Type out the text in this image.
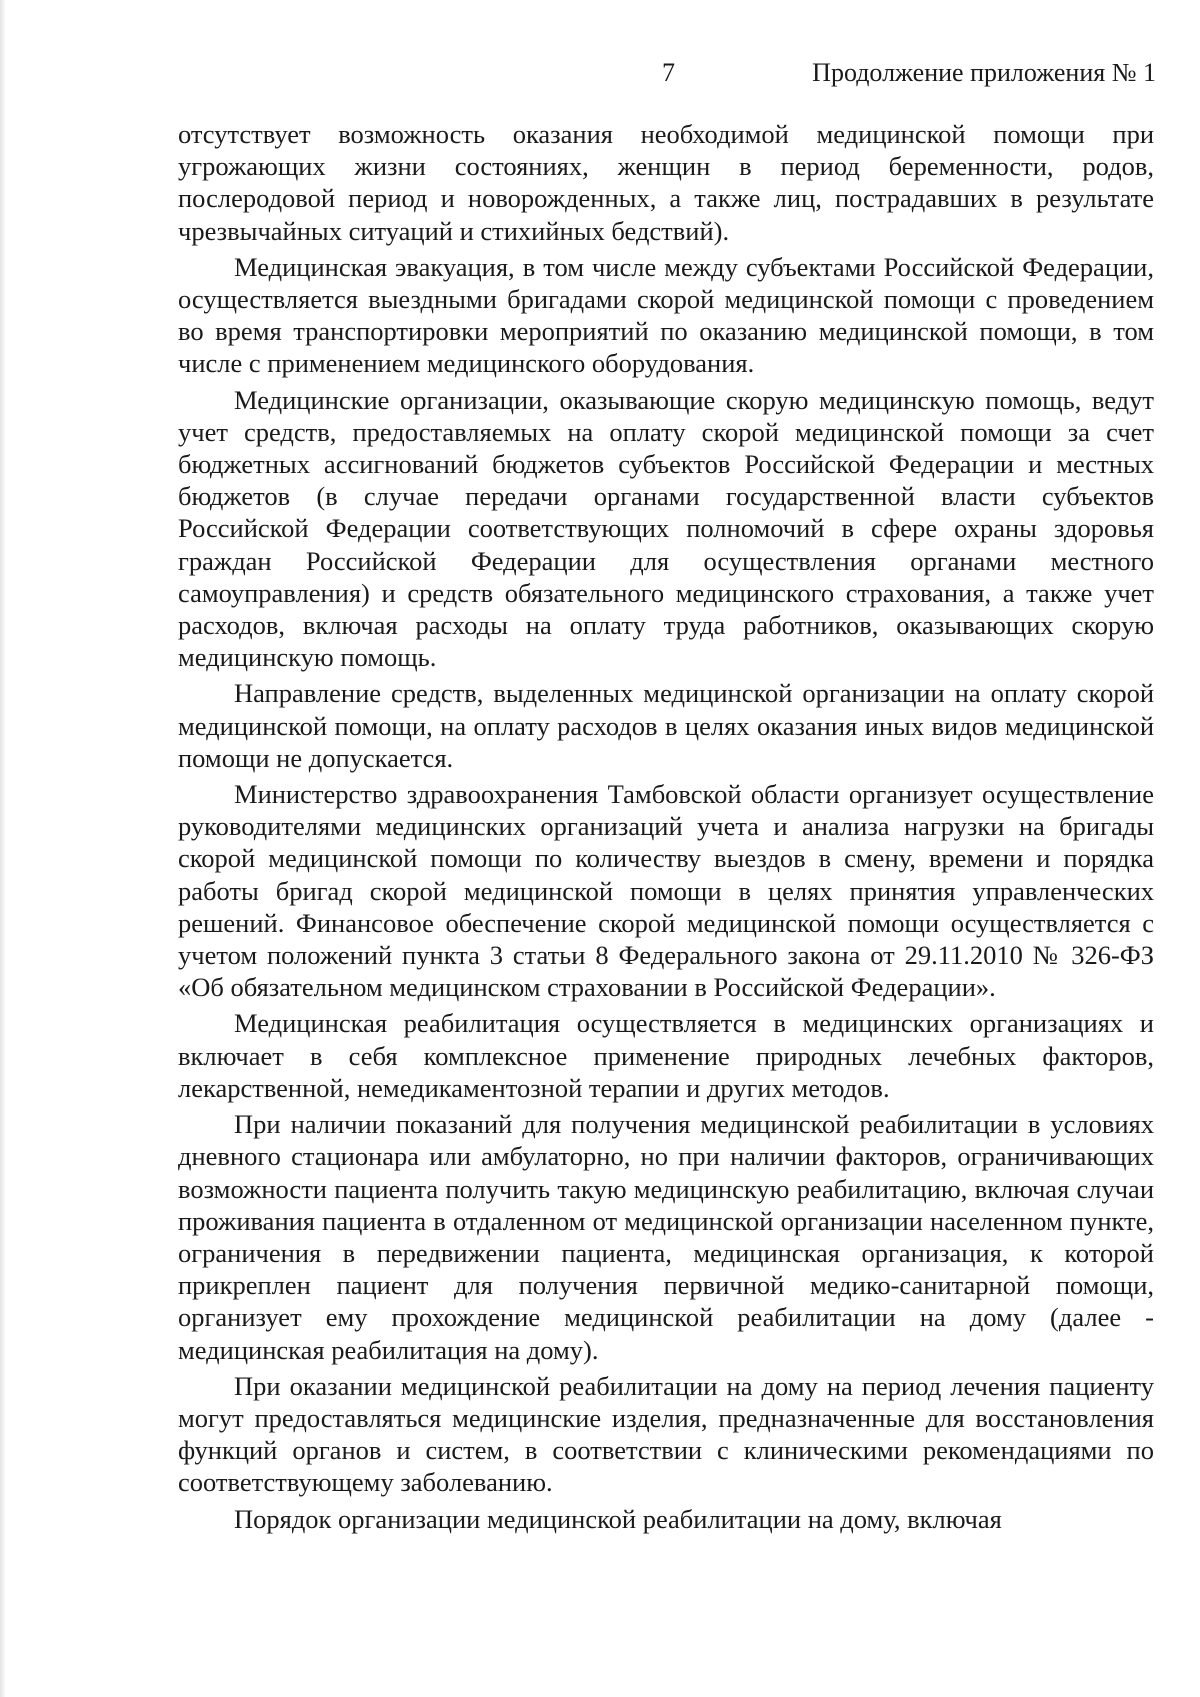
7	Продолжение приложения № 1

отсутствует возможность оказания необходимой медицинской помощи при угрожающих жизни состояниях, женщин в период беременности, родов, послеродовой период и новорожденных, а также лиц, пострадавших в результате чрезвычайных ситуаций и стихийных бедствий).

Медицинская эвакуация, в том числе между субъектами Российской Федерации, осуществляется выездными бригадами скорой медицинской помощи с проведением во время транспортировки мероприятий по оказанию медицинской помощи, в том числе с применением медицинского оборудования.

Медицинские организации, оказывающие скорую медицинскую помощь, ведут учет средств, предоставляемых на оплату скорой медицинской помощи за счет бюджетных ассигнований бюджетов субъектов Российской Федерации и местных бюджетов (в случае передачи органами государственной власти субъектов Российской Федерации соответствующих полномочий в сфере охраны здоровья граждан Российской Федерации для осуществления органами местного самоуправления) и средств обязательного медицинского страхования, а также учет расходов, включая расходы на оплату труда работников, оказывающих скорую медицинскую помощь.

Направление средств, выделенных медицинской организации на оплату скорой медицинской помощи, на оплату расходов в целях оказания иных видов медицинской помощи не допускается.

Министерство здравоохранения Тамбовской области организует осуществление руководителями медицинских организаций учета и анализа нагрузки на бригады скорой медицинской помощи по количеству выездов в смену, времени и порядка работы бригад скорой медицинской помощи в целях принятия управленческих решений. Финансовое обеспечение скорой медицинской помощи осуществляется с учетом положений пункта 3 статьи 8 Федерального закона от 29.11.2010 № 326-ФЗ «Об обязательном медицинском страховании в Российской Федерации».

Медицинская реабилитация осуществляется в медицинских организациях и включает в себя комплексное применение природных лечебных факторов, лекарственной, немедикаментозной терапии и других методов.

При наличии показаний для получения медицинской реабилитации в условиях дневного стационара или амбулаторно, но при наличии факторов, ограничивающих возможности пациента получить такую медицинскую реабилитацию, включая случаи проживания пациента в отдаленном от медицинской организации населенном пункте, ограничения в передвижении пациента, медицинская организация, к которой прикреплен пациент для получения первичной медико-санитарной помощи, организует ему прохождение медицинской реабилитации на дому (далее - медицинская реабилитация на дому).

При оказании медицинской реабилитации на дому на период лечения пациенту могут предоставляться медицинские изделия, предназначенные для восстановления функций органов и систем, в соответствии с клиническими рекомендациями по соответствующему заболеванию.

Порядок организации медицинской реабилитации на дому, включая
